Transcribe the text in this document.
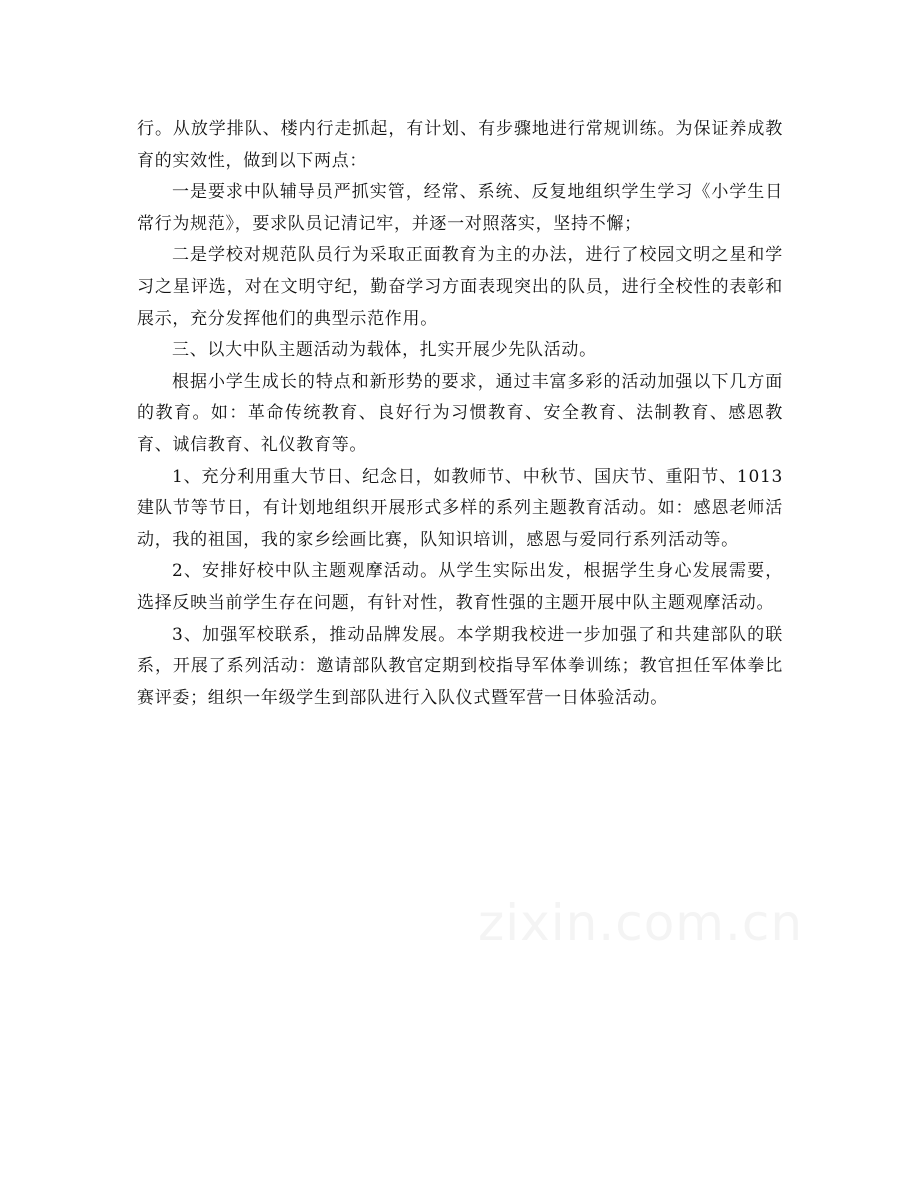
行。从放学排队、楼内行走抓起，有计划、有步骤地进行常规训练。为保证养成教育的实效性，做到以下两点：

一是要求中队辅导员严抓实管，经常、系统、反复地组织学生学习《小学生日常行为规范》，要求队员记清记牢，并逐一对照落实，坚持不懈；

二是学校对规范队员行为采取正面教育为主的办法，进行了校园文明之星和学习之星评选，对在文明守纪，勤奋学习方面表现突出的队员，进行全校性的表彰和展示，充分发挥他们的典型示范作用。

三、以大中队主题活动为载体，扎实开展少先队活动。

根据小学生成长的特点和新形势的要求，通过丰富多彩的活动加强以下几方面的教育。如：革命传统教育、良好行为习惯教育、安全教育、法制教育、感恩教育、诚信教育、礼仪教育等。

1、充分利用重大节日、纪念日，如教师节、中秋节、国庆节、重阳节、1013建队节等节日，有计划地组织开展形式多样的系列主题教育活动。如：感恩老师活动，我的祖国，我的家乡绘画比赛，队知识培训，感恩与爱同行系列活动等。

2、安排好校中队主题观摩活动。从学生实际出发，根据学生身心发展需要，选择反映当前学生存在问题，有针对性，教育性强的主题开展中队主题观摩活动。

3、加强军校联系，推动品牌发展。本学期我校进一步加强了和共建部队的联系，开展了系列活动：邀请部队教官定期到校指导军体拳训练；教官担任军体拳比赛评委；组织一年级学生到部队进行入队仪式暨军营一日体验活动。

zixin.com.cn
